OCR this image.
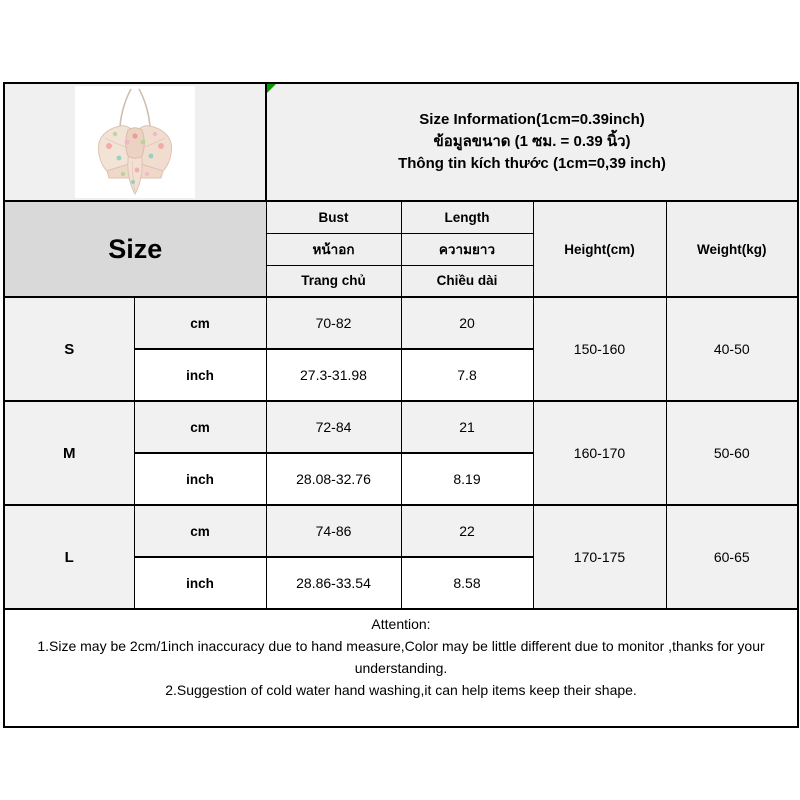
Size Information(1cm=0.39inch)
ข้อมูลขนาด (1 ซม. = 0.39 นิ้ว)
Thông tin kích thước (1cm=0,39 inch)			

Size		Bust	Length	Height(cm)	Weight(kg)
		หน้าอก	ความยาว		
		Trang chủ	Chiều dài		
S	cm	70-82	20	150-160	40-50
	inch	27.3-31.98	7.8		
M	cm	72-84	21	160-170	50-60
	inch	28.08-32.76	8.19		
L	cm	74-86	22	170-175	60-65
	inch	28.86-33.54	8.58		

Attention:
1.Size may be 2cm/1inch inaccuracy due to hand measure,Color may be little different due to monitor ,thanks for your understanding.
2.Suggestion of cold water hand washing,it can help items keep their shape.					
